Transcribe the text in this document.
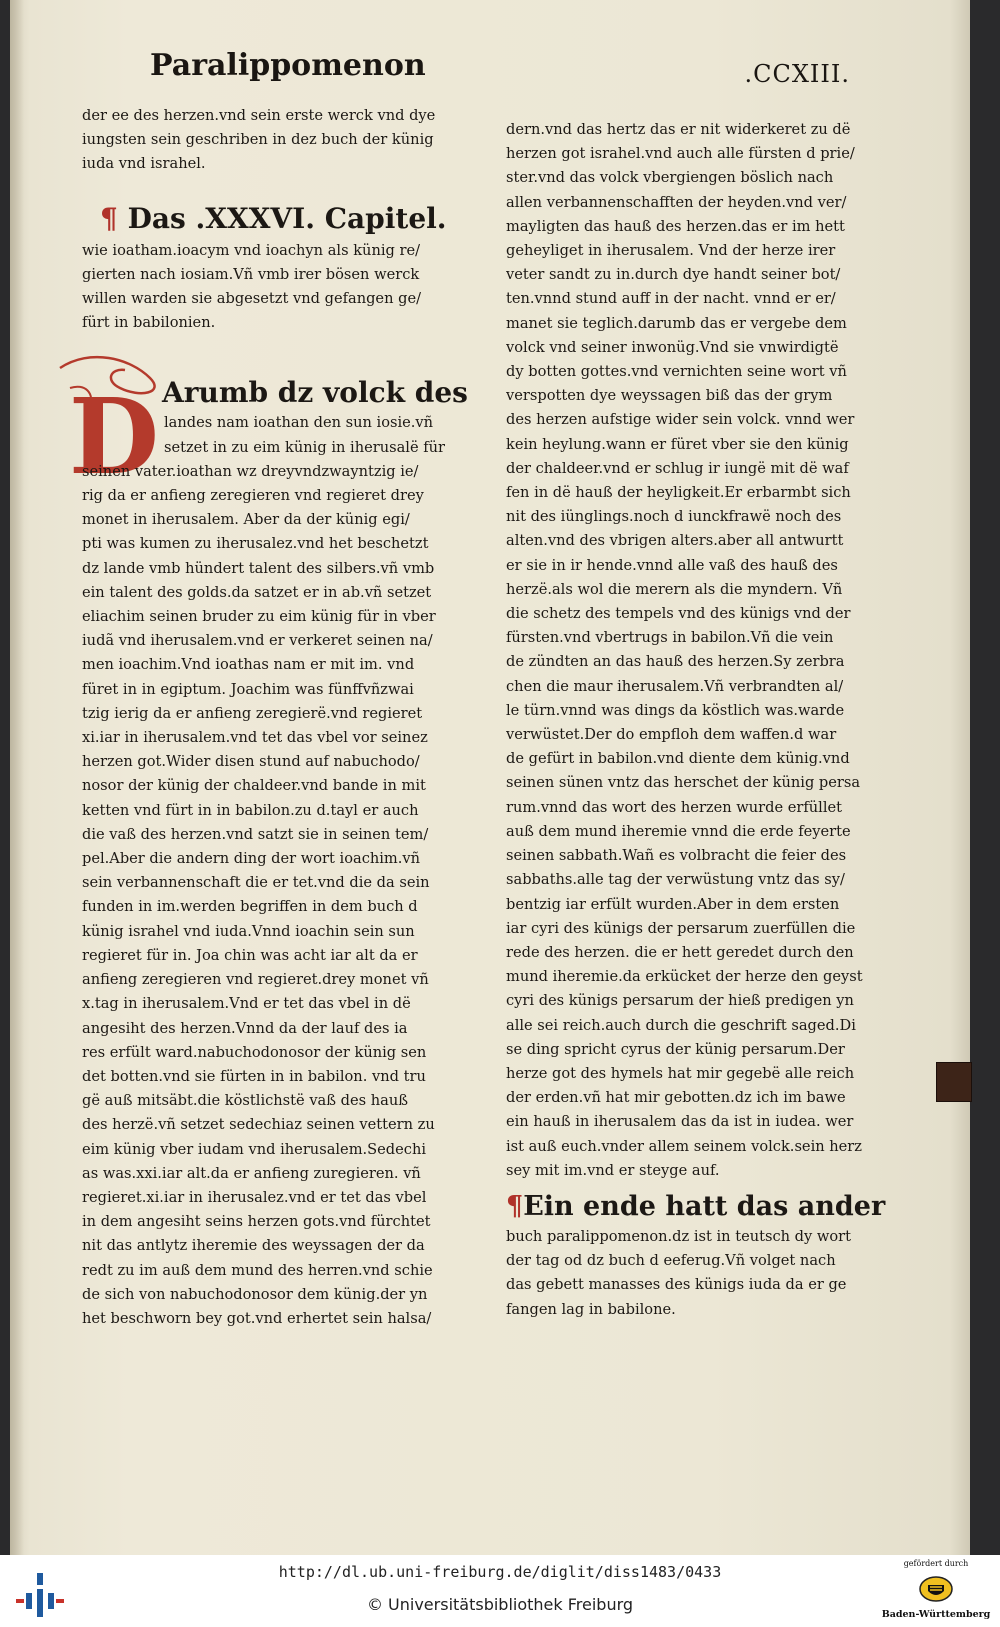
Paralippomenon	.CCXIII.
D
der ee des herzen.vnd sein erste werck vnd dye
iungsten sein geschriben in dez buch der künig
iuda vnd israhel.
¶ Das .XXXVI. Capitel.
wie ioatham.ioacym vnd ioachyn als künig re/
gierten nach iosiam.Vñ vmb irer bösen werck
willen warden sie abgesetzt vnd gefangen ge/
fürt in babilonien.
Arumb dz volck des
landes nam ioathan den sun iosie.vñ
setzet in zu eim künig in iherusalë für
seinen vater.ioathan wz dreyvndzwayntzig ie/
rig da er anfieng zeregieren vnd regieret drey
monet in iherusalem. Aber da der künig egi/
pti was kumen zu iherusalez.vnd het beschetzt
dz lande vmb hündert talent des silbers.vñ vmb
ein talent des golds.da satzet er in ab.vñ setzet
eliachim seinen bruder zu eim künig für in vber
iudã vnd iherusalem.vnd er verkeret seinen na/
men ioachim.Vnd ioathas nam er mit im. vnd
füret in in egiptum. Joachim was fünffvñzwai
tzig ierig da er anfieng zeregierë.vnd regieret
xi.iar in iherusalem.vnd tet das vbel vor seinez
herzen got.Wider disen stund auf nabuchodo/
nosor der künig der chaldeer.vnd bande in mit
ketten vnd fürt in in babilon.zu d.tayl er auch
die vaß des herzen.vnd satzt sie in seinen tem/
pel.Aber die andern ding der wort ioachim.vñ
sein verbannenschaft die er tet.vnd die da sein
funden in im.werden begriffen in dem buch d
künig israhel vnd iuda.Vnnd ioachin sein sun
regieret für in. Joa chin was acht iar alt da er
anfieng zeregieren vnd regieret.drey monet vñ
x.tag in iherusalem.Vnd er tet das vbel in dë
angesiht des herzen.Vnnd da der lauf des ia
res erfült ward.nabuchodonosor der künig sen
det botten.vnd sie fürten in in babilon. vnd tru
gë auß mitsäbt.die köstlichstë vaß des hauß
des herzë.vñ setzet sedechiaz seinen vettern zu
eim künig vber iudam vnd iherusalem.Sedechi
as was.xxi.iar alt.da er anfieng zuregieren. vñ
regieret.xi.iar in iherusalez.vnd er tet das vbel
in dem angesiht seins herzen gots.vnd fürchtet
nit das antlytz iheremie des weyssagen der da
redt zu im auß dem mund des herren.vnd schie
de sich von nabuchodonosor dem künig.der yn
het beschworn bey got.vnd erhertet sein halsa/
dern.vnd das hertz das er nit widerkeret zu dë
herzen got israhel.vnd auch alle fürsten d prie/
ster.vnd das volck vbergiengen böslich nach
allen verbannenschafften der heyden.vnd ver/
mayligten das hauß des herzen.das er im hett
geheyliget in iherusalem. Vnd der herze irer
veter sandt zu in.durch dye handt seiner bot/
ten.vnnd stund auff in der nacht. vnnd er er/
manet sie teglich.darumb das er vergebe dem
volck vnd seiner inwonüg.Vnd sie vnwirdigtë
dy botten gottes.vnd vernichten seine wort vñ
verspotten dye weyssagen biß das der grym
des herzen aufstige wider sein volck. vnnd wer
kein heylung.wann er füret vber sie den künig
der chaldeer.vnd er schlug ir iungë mit dë waf
fen in dë hauß der heyligkeit.Er erbarmbt sich
nit des iünglings.noch d iunckfrawë noch des
alten.vnd des vbrigen alters.aber all antwurtt
er sie in ir hende.vnnd alle vaß des hauß des
herzë.als wol die merern als die myndern. Vñ
die schetz des tempels vnd des künigs vnd der
fürsten.vnd vbertrugs in babilon.Vñ die vein
de zündten an das hauß des herzen.Sy zerbra
chen die maur iherusalem.Vñ verbrandten al/
le türn.vnnd was dings da köstlich was.warde
verwüstet.Der do empfloh dem waffen.d war
de gefürt in babilon.vnd diente dem künig.vnd
seinen sünen vntz das herschet der künig persa
rum.vnnd das wort des herzen wurde erfüllet
auß dem mund iheremie vnnd die erde feyerte
seinen sabbath.Wañ es volbracht die feier des
sabbaths.alle tag der verwüstung vntz das sy/
bentzig iar erfült wurden.Aber in dem ersten
iar cyri des künigs der persarum zuerfüllen die
rede des herzen. die er hett geredet durch den
mund iheremie.da erkücket der herze den geyst
cyri des künigs persarum der hieß predigen yn
alle sei reich.auch durch die geschrift saged.Di
se ding spricht cyrus der künig persarum.Der
herze got des hymels hat mir gegebë alle reich
der erden.vñ hat mir gebotten.dz ich im bawe
ein hauß in iherusalem das da ist in iudea. wer
ist auß euch.vnder allem seinem volck.sein herz
sey mit im.vnd er steyge auf.
¶Ein ende hatt das ander
buch paralippomenon.dz ist in teutsch dy wort
der tag od dz buch d eeferug.Vñ volget nach
das gebett manasses des künigs iuda da er ge
fangen lag in babilone.
http://dl.ub.uni-freiburg.de/diglit/diss1483/0433
© Universitätsbibliothek Freiburg
gefördert durch
Baden-Württemberg
